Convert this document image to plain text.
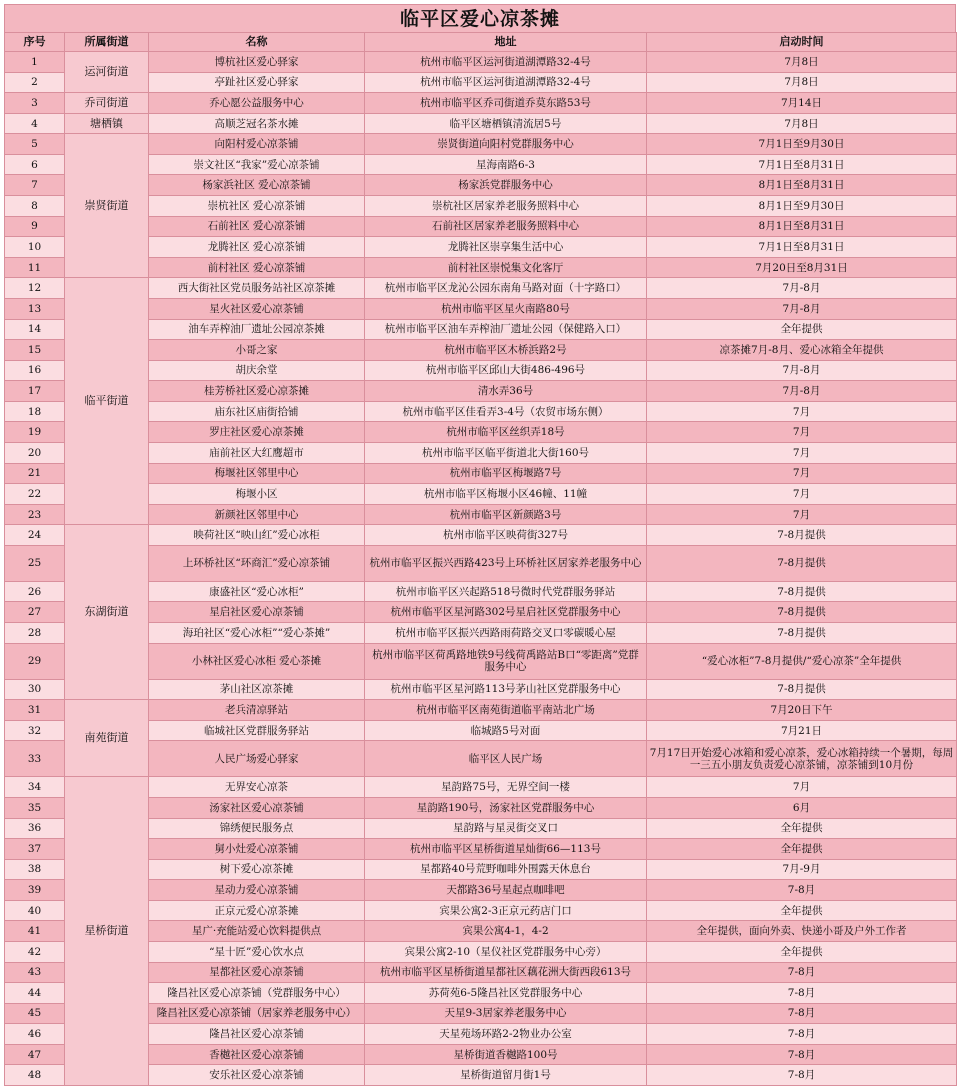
临平区爱心凉茶摊
序号	所属街道	名称	地址	启动时间
1	运河街道	博杭社区爱心驿家	杭州市临平区运河街道湖潭路32-4号	7月8日
2		亭趾社区爱心驿家	杭州市临平区运河街道湖潭路32-4号	7月8日
3	乔司街道	乔心愿公益服务中心	杭州市临平区乔司街道乔莫东路53号	7月14日
4	塘栖镇	高顺芝冠名茶水摊	临平区塘栖镇清流居5号	7月8日
5	崇贤街道	向阳村爱心凉茶铺	崇贤街道向阳村党群服务中心	7月1日至9月30日
6		崇文社区“我家”爱心凉茶铺	星海南路6-3	7月1日至8月31日
7		杨家浜社区 爱心凉茶铺	杨家浜党群服务中心	8月1日至8月31日
8		崇杭社区 爱心凉茶铺	崇杭社区居家养老服务照料中心	8月1日至9月30日
9		石前社区 爱心凉茶铺	石前社区居家养老服务照料中心	8月1日至8月31日
10		龙腾社区 爱心凉茶铺	龙腾社区崇享集生活中心	7月1日至8月31日
11		前村社区 爱心凉茶铺	前村社区崇悦集文化客厅	7月20日至8月31日
12	临平街道	西大街社区党员服务站社区凉茶摊	杭州市临平区龙沁公园东南角马路对面（十字路口）	7月-8月
13		星火社区爱心凉茶铺	杭州市临平区星火南路80号	7月-8月
14		油车弄榨油厂遗址公园凉茶摊	杭州市临平区油车弄榨油厂遗址公园（保健路入口）	全年提供
15		小哥之家	杭州市临平区木桥浜路2号	凉茶摊7月-8月、爱心冰箱全年提供
16		胡庆余堂	杭州市临平区邱山大街486-496号	7月-8月
17		桂芳桥社区爱心凉茶摊	清水弄36号	7月-8月
18		庙东社区庙街拾铺	杭州市临平区佳看弄3-4号（农贸市场东侧）	7月
19		罗庄社区爱心凉茶摊	杭州市临平区丝织弄18号	7月
20		庙前社区大红鹰超市	杭州市临平区临平街道北大街160号	7月
21		梅堰社区邻里中心	杭州市临平区梅堰路7号	7月
22		梅堰小区	杭州市临平区梅堰小区46幢、11幢	7月
23		新颜社区邻里中心	杭州市临平区新颜路3号	7月
24	东湖街道	映荷社区“映山红”爱心冰柜	杭州市临平区映荷街327号	7-8月提供
25		上环桥社区“环商汇”爱心凉茶铺	杭州市临平区振兴西路423号上环桥社区居家养老服务中心	7-8月提供
26		康盛社区“爱心冰柜”	杭州市临平区兴起路518号微时代党群服务驿站	7-8月提供
27		星启社区爱心凉茶铺	杭州市临平区星河路302号星启社区党群服务中心	7-8月提供
28		海珀社区“爱心冰柜”“爱心茶摊”	杭州市临平区振兴西路雨荷路交叉口零碳暖心屋	7-8月提供
29		小林社区爱心冰柜 爱心茶摊	杭州市临平区荷禹路地铁9号线荷禹路站B口“零距离”党群服务中心	“爱心冰柜”7-8月提供/“爱心凉茶”全年提供
30		茅山社区凉茶摊	杭州市临平区星河路113号茅山社区党群服务中心	7-8月提供
31	南苑街道	老兵清凉驿站	杭州市临平区南苑街道临平南站北广场	7月20日下午
32		临城社区党群服务驿站	临城路5号对面	7月21日
33		人民广场爱心驿家	临平区人民广场	7月17日开始爱心冰箱和爱心凉茶，爱心冰箱持续一个暑期，每周一三五小朋友负责爱心凉茶铺，凉茶铺到10月份
34	星桥街道	无界安心凉茶	星韵路75号，无界空间一楼	7月
35		汤家社区爱心凉茶铺	星韵路190号，汤家社区党群服务中心	6月
36		锦绣便民服务点	星韵路与星灵街交叉口	全年提供
37		舅小灶爱心凉茶铺	杭州市临平区星桥街道星灿街66—113号	全年提供
38		树下爱心凉茶摊	星都路40号荒野咖啡外围露天休息台	7月-9月
39		星动力爱心凉茶铺	天都路36号星起点咖啡吧	7-8月
40		正京元爱心凉茶摊	宾果公寓2-3正京元药店门口	全年提供
41		星广·充能站爱心饮料提供点	宾果公寓4-1，4-2	全年提供，面向外卖、快递小哥及户外工作者
42		“星十匠”爱心饮水点	宾果公寓2-10（星仪社区党群服务中心旁）	全年提供
43		星都社区爱心凉茶铺	杭州市临平区星桥街道星都社区藕花洲大街西段613号	7-8月
44		隆昌社区爱心凉茶铺（党群服务中心）	苏荷苑6-5隆昌社区党群服务中心	7-8月
45		隆昌社区爱心凉茶铺（居家养老服务中心）	天星9-3居家养老服务中心	7-8月
46		隆昌社区爱心凉茶铺	天星苑场环路2-2物业办公室	7-8月
47		香樾社区爱心凉茶铺	星桥街道香樾路100号	7-8月
48		安乐社区爱心凉茶铺	星桥街道留月街1号	7-8月
